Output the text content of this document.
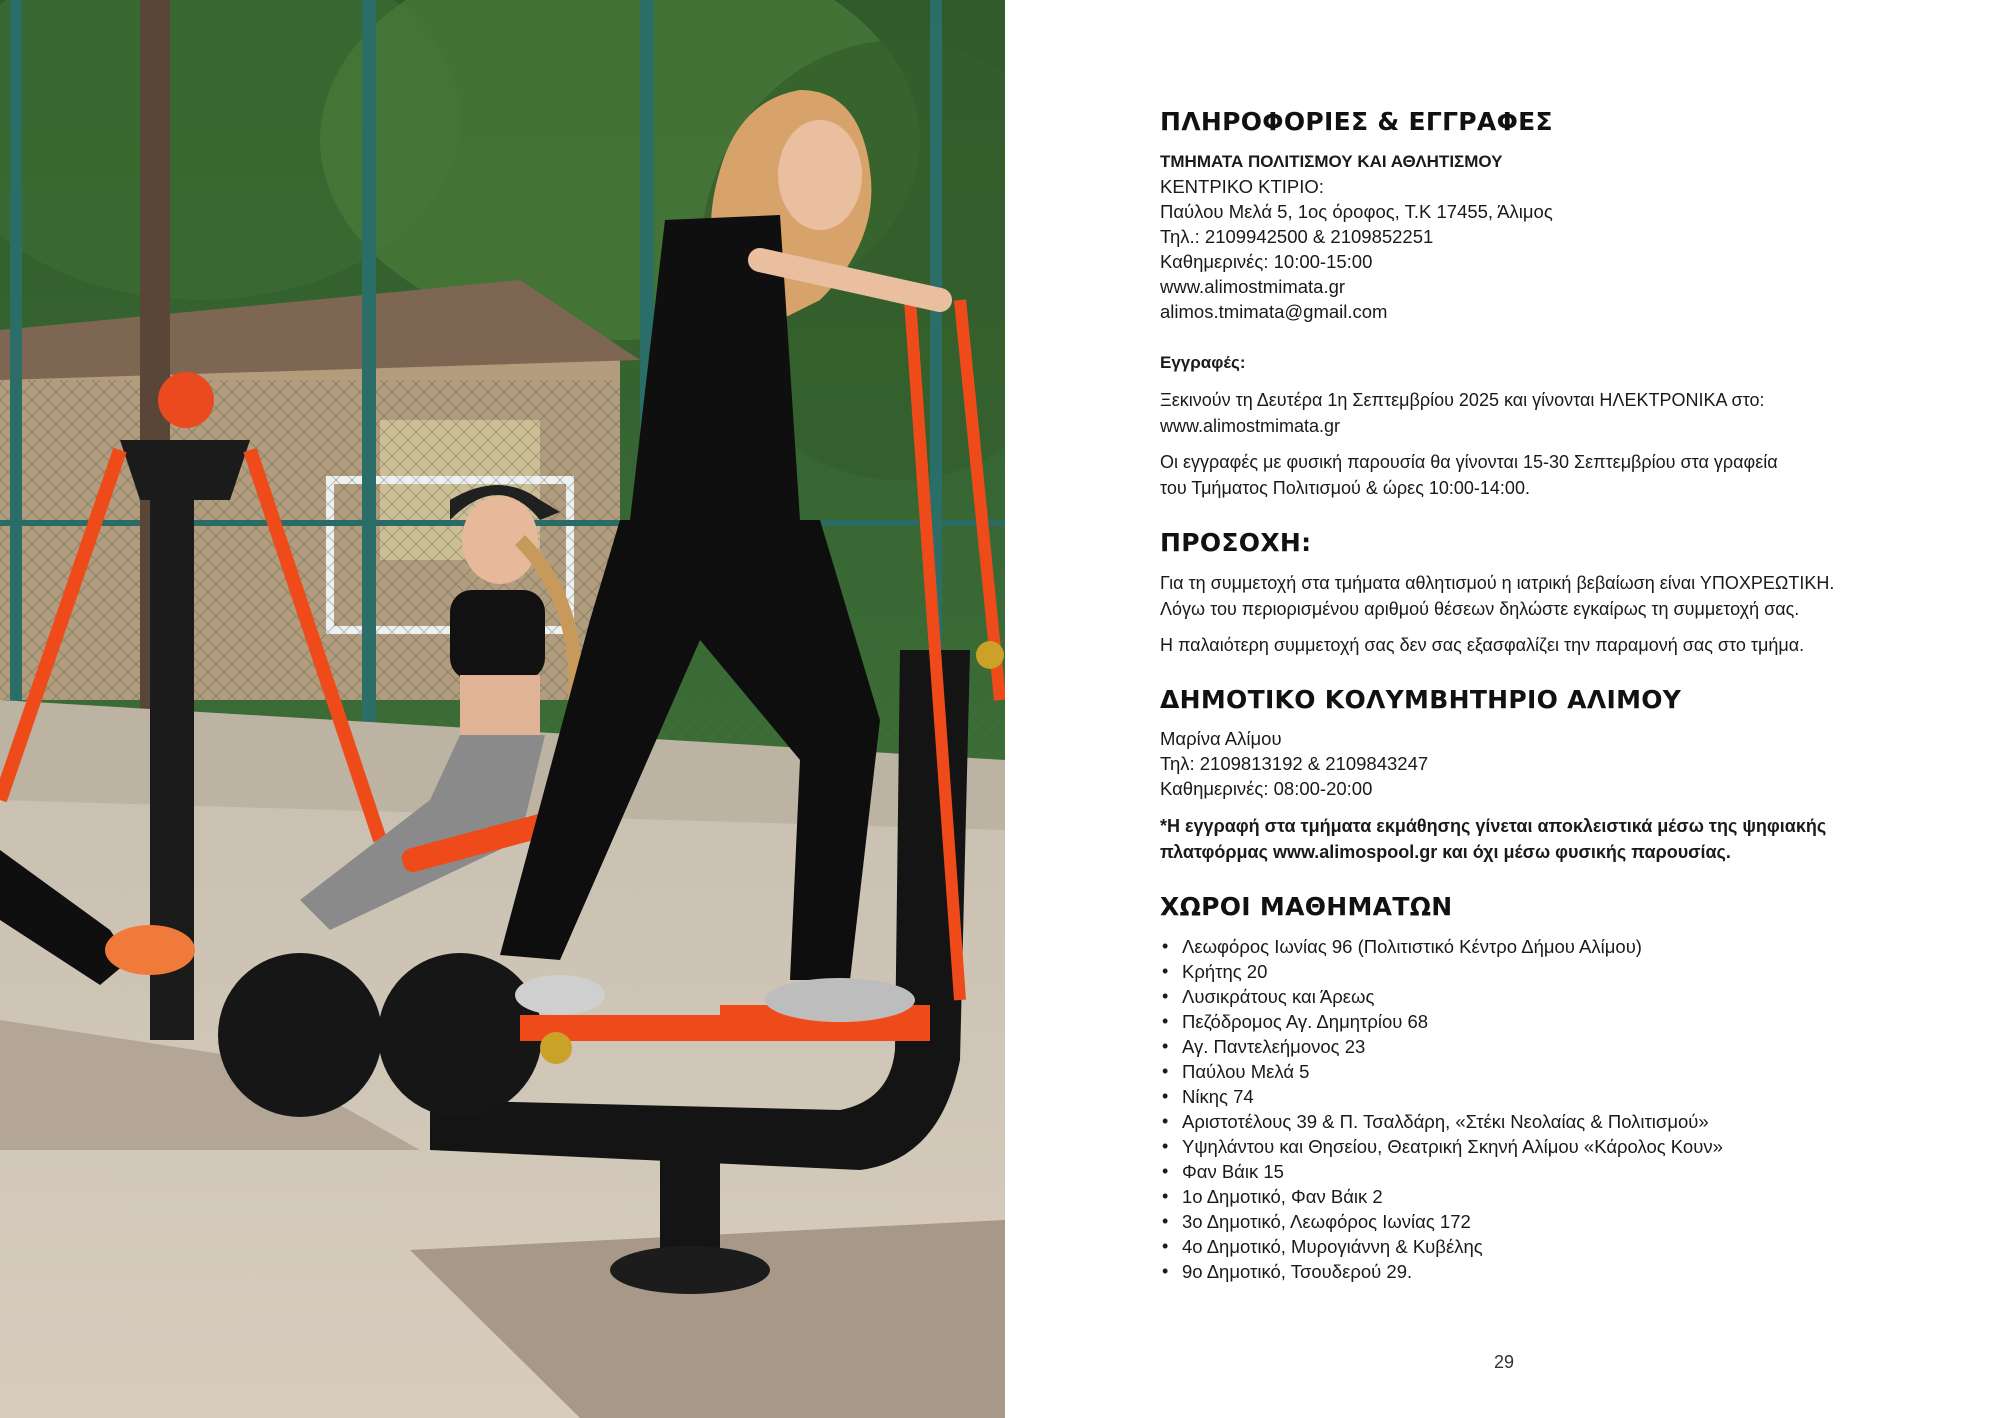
ΠΛΗΡΟΦΟΡΙΕΣ & ΕΓΓΡΑΦΕΣ

ΤΜΗΜΑΤΑ ΠΟΛΙΤΙΣΜΟΥ ΚΑΙ ΑΘΛΗΤΙΣΜΟΥ

ΚΕΝΤΡΙΚΟ ΚΤΙΡΙΟ:

Παύλου Μελά 5, 1ος όροφος, Τ.Κ 17455, Άλιμος

Τηλ.: 2109942500 & 2109852251

Καθημερινές: 10:00-15:00

www.alimostmimata.gr

alimos.tmimata@gmail.com

Εγγραφές:

Ξεκινούν τη Δευτέρα 1η Σεπτεμβρίου 2025 και γίνονται ΗΛΕΚΤΡΟΝΙΚΑ στο:
www.alimostmimata.gr

Οι εγγραφές με φυσική παρουσία θα γίνονται 15-30 Σεπτεμβρίου στα γραφεία
του Τμήματος Πολιτισμού & ώρες 10:00-14:00.

ΠΡΟΣΟΧΗ:

Για τη συμμετοχή στα τμήματα αθλητισμού η ιατρική βεβαίωση είναι ΥΠΟΧΡΕΩΤΙΚΗ.
Λόγω του περιορισμένου αριθμού θέσεων δηλώστε εγκαίρως τη συμμετοχή σας.

Η παλαιότερη συμμετοχή σας δεν σας εξασφαλίζει την παραμονή σας στο τμήμα.

ΔΗΜΟΤΙΚΟ ΚΟΛΥΜΒΗΤΗΡΙΟ ΑΛΙΜΟΥ

Μαρίνα Αλίμου

Τηλ: 2109813192 & 2109843247

Καθημερινές: 08:00-20:00

*Η εγγραφή στα τμήματα εκμάθησης γίνεται αποκλειστικά μέσω της ψηφιακής
πλατφόρμας www.alimospool.gr και όχι μέσω φυσικής παρουσίας.

ΧΩΡΟΙ ΜΑΘΗΜΑΤΩΝ
• Λεωφόρος Ιωνίας 96 (Πολιτιστικό Κέντρο Δήμου Αλίμου)
• Κρήτης 20
• Λυσικράτους και Άρεως
• Πεζόδρομος Αγ. Δημητρίου 68
• Αγ. Παντελεήμονος 23
• Παύλου Μελά 5
• Νίκης 74
• Αριστοτέλους 39 & Π. Τσαλδάρη, «Στέκι Νεολαίας & Πολιτισμού»
• Υψηλάντου και Θησείου, Θεατρική Σκηνή Αλίμου «Κάρολος Κουν»
• Φαν Βάικ 15
• 1ο Δημοτικό, Φαν Βάικ 2
• 3ο Δημοτικό, Λεωφόρος Ιωνίας 172
• 4ο Δημοτικό, Μυρογιάννη & Κυβέλης
• 9ο Δημοτικό, Τσουδερού 29.
29
